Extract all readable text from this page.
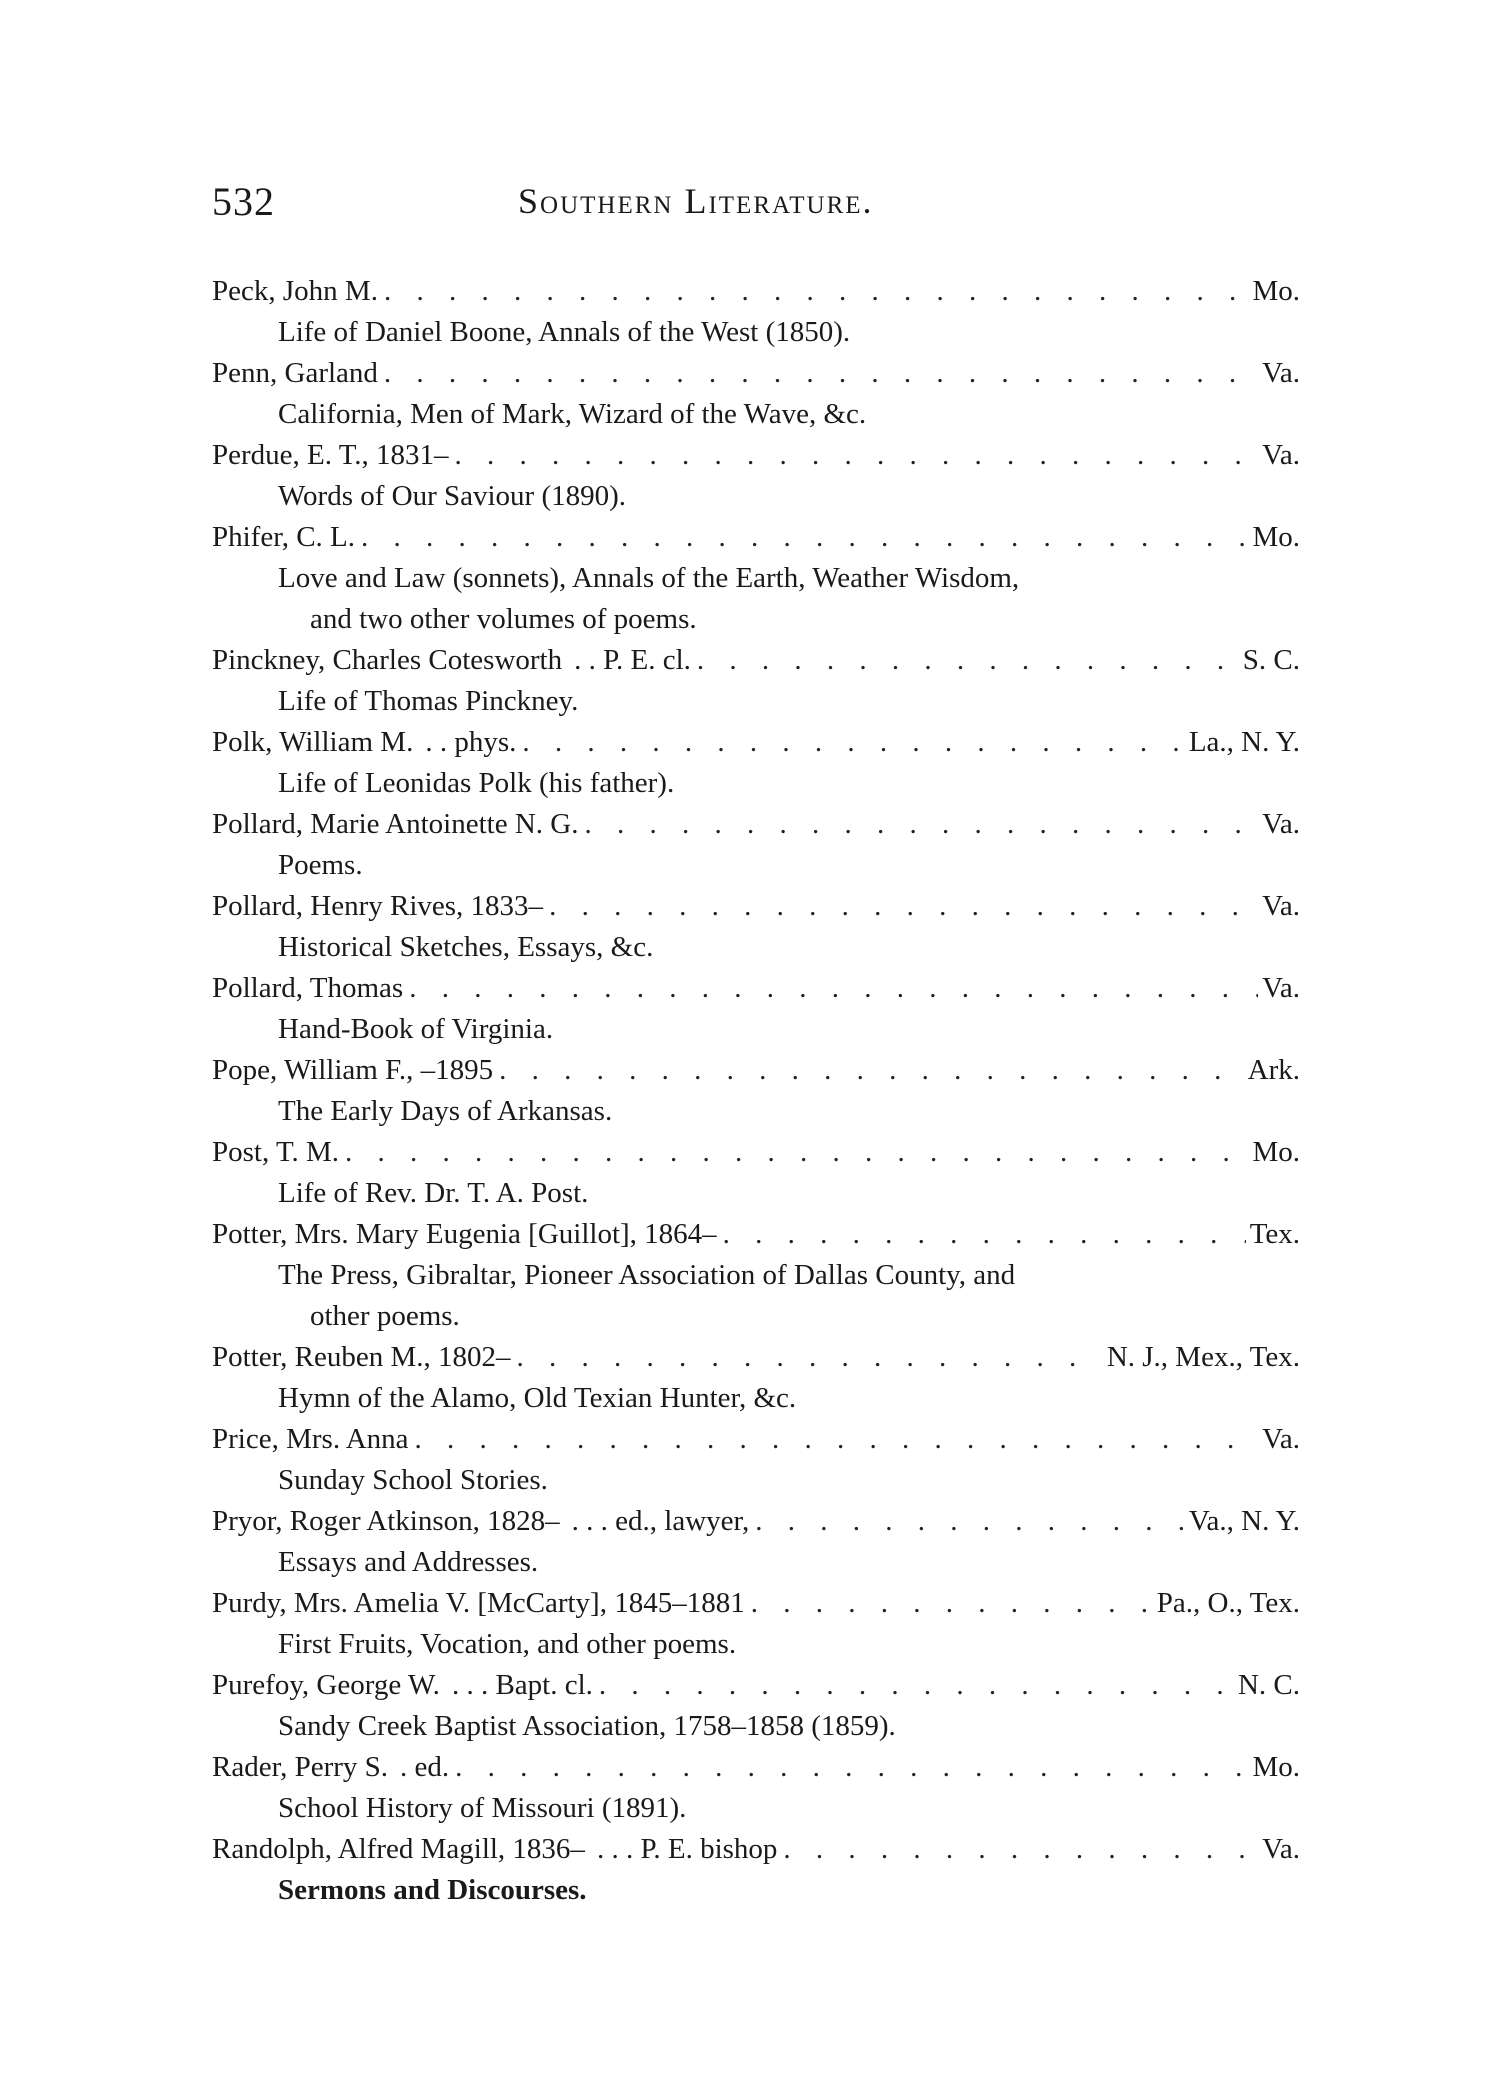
532	Southern Literature.
Peck, John M. . . .	Mo.
Life of Daniel Boone, Annals of the West (1850).
Penn, Garland . . .	Va.
California, Men of Mark, Wizard of the Wave, &c.
Perdue, E. T., 1831– . . .	Va.
Words of Our Saviour (1890).
Phifer, C. L. . . .	Mo.
Love and Law (sonnets), Annals of the Earth, Weather Wisdom,
and two other volumes of poems.
Pinckney, Charles Cotesworth . . P. E. cl. . . .	S. C.
Life of Thomas Pinckney.
Polk, William M. . . phys. . . .	La., N. Y.
Life of Leonidas Polk (his father).
Pollard, Marie Antoinette N. G. . . .	Va.
Poems.
Pollard, Henry Rives, 1833– . . .	Va.
Historical Sketches, Essays, &c.
Pollard, Thomas . . .	Va.
Hand-Book of Virginia.
Pope, William F., –1895 . . .	Ark.
The Early Days of Arkansas.
Post, T. M. . . .	Mo.
Life of Rev. Dr. T. A. Post.
Potter, Mrs. Mary Eugenia [Guillot], 1864– . . .	Tex.
The Press, Gibraltar, Pioneer Association of Dallas County, and
other poems.
Potter, Reuben M., 1802– . . .	N. J., Mex., Tex.
Hymn of the Alamo, Old Texian Hunter, &c.
Price, Mrs. Anna . . .	Va.
Sunday School Stories.
Pryor, Roger Atkinson, 1828– . . . ed., lawyer, . . .	Va., N. Y.
Essays and Addresses.
Purdy, Mrs. Amelia V. [McCarty], 1845–1881 . . .	Pa., O., Tex.
First Fruits, Vocation, and other poems.
Purefoy, George W. . . . Bapt. cl. . . .	N. C.
Sandy Creek Baptist Association, 1758–1858 (1859).
Rader, Perry S. . ed. . . .	Mo.
School History of Missouri (1891).
Randolph, Alfred Magill, 1836– . . . P. E. bishop . . .	Va.
Sermons and Discourses.
